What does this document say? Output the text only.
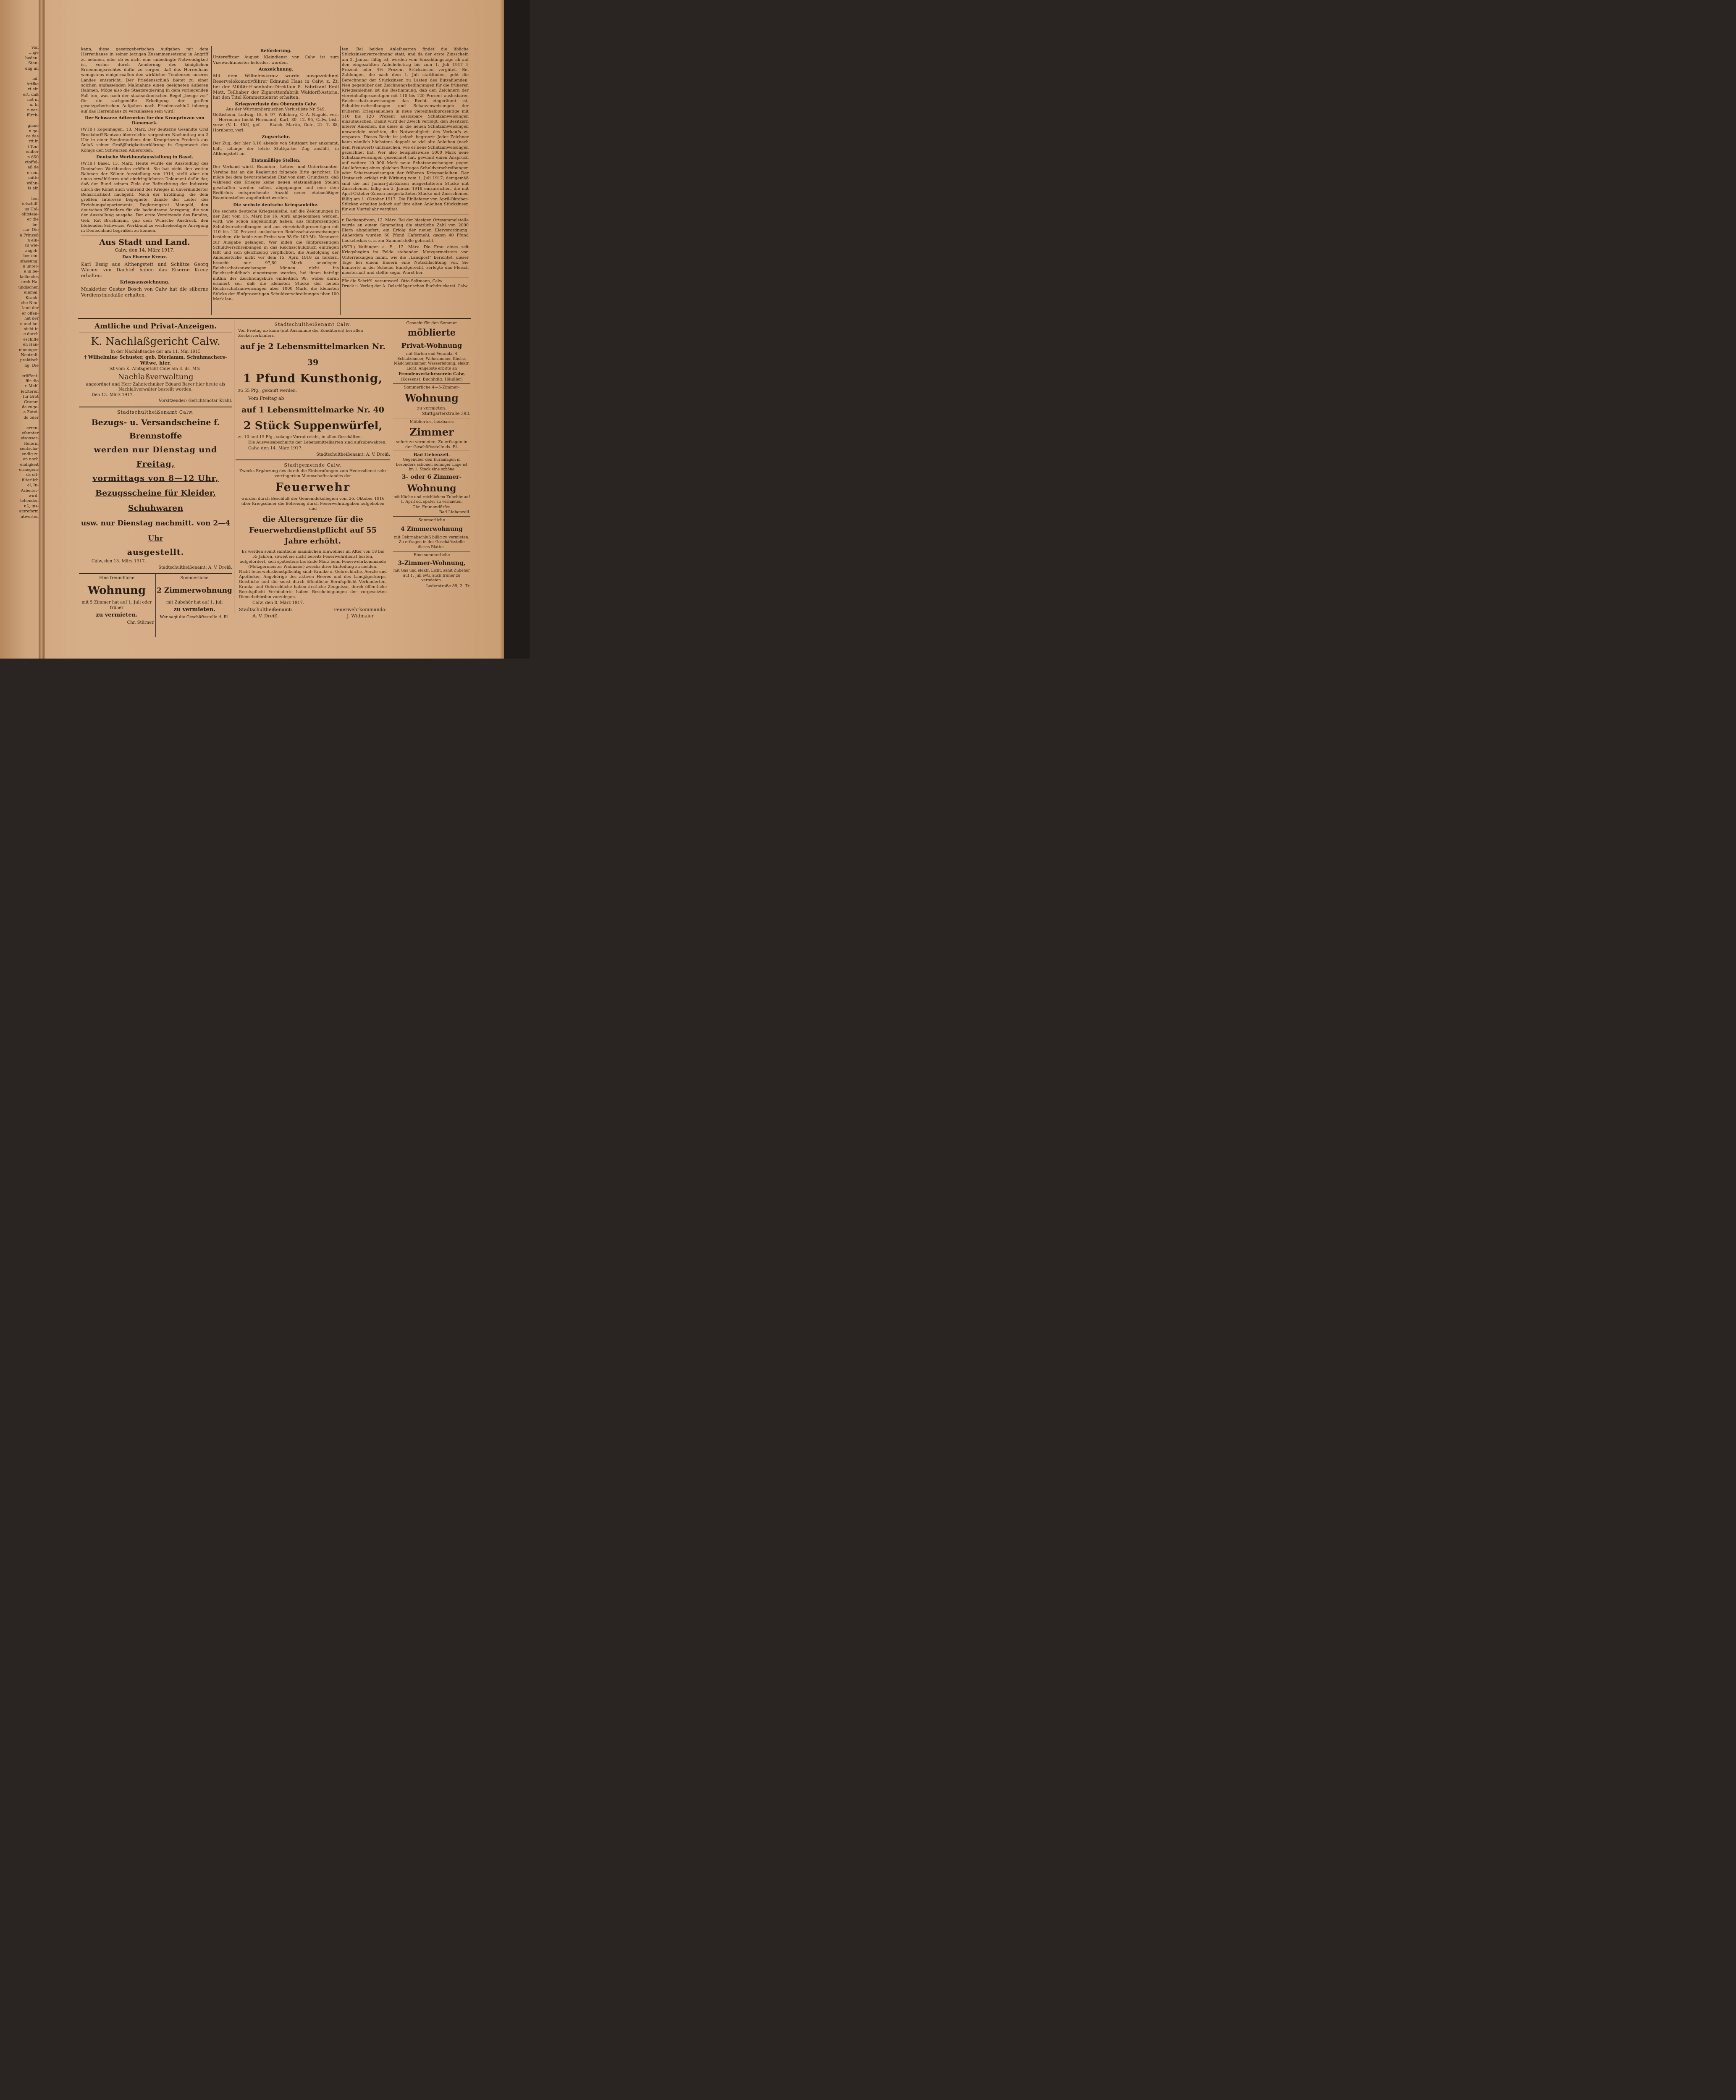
Von
...ige
bedeu.
Stan-
ung im

nd.
Artike
rt ein
ert, daß
not in
n. In
n vor-
fürch-

glanö
n ge-
ce das
rtt in
) Ton-
eniher
n 650
ctoffel-
aß de
e sein
mitte
wöhn-
ts ein

hen
ielschiff.
us Hol-
olifstele-
er die
be-
aar. Die
n Prinzeß
n ein-
zu wie-
angeb-
ber ein-
sfassung,
n unter-
e in be-
kellendes
urch Ha-
ündischen
einmal,
Krank-
che Neu-
land der
er offen-
hat der
n und be-
nicht in
e durch
eschiffe
en Han-
mmungen
Neutrali-
praktisch
ng. Die

eröffent-
für die
r. Mehl
letzteren
für Brot
Gramm
de zuge-
e Zutei-
de oder

erren-
efannter
eisonser-
Reform
sentschä-
endig zu
en noch
endigkeit
ermögens
ds oft-
ülterlich
el, In-
Arbeiter-
wird.
tehenden
uß, ins-
atsreform
ntworten

kann, diese gesetzgeberischen Aufgaben mit dem Herrenhause in seiner jetzigen Zusammensetzung in Angriff zu nehmen, oder ob es nicht eine unbedingte Notwendigkeit ist, vorher durch Aenderung des königlichen Ernennungsrechtes dafür zu sorgen, daß das Herrenhaus wenigstens einigermaßen den wirklichen Tendenzen unseres Landes entspricht. Der Friedensschluß bietet zu einer solchen umfassenden Maßnahme einen geeigneten äußeren Rahmen. Möge also die Staatsregierung in dem vorliegenden Fall tun, was nach der staatsmännischen Regel „beuge vor“ für die sachgemäße Erledigung der großen gesetzgeberischen Aufgaben nach Friedensschluß inbezug auf das Herrenhaus zu veranlassen sein wird!

Der Schwarze Adlerorden für den Kronprinzen von Dänemark.

(WTB.) Kopenhagen, 13. März. Der deutsche Gesandte Graf Brockdorff-Rantzau überreichte vorgestern Nachmittag um 2 Uhr in einer Sonderaudienz dem Kronprinzen Frederik aus Anlaß seiner Großjährigkeitserklärung in Gegenwart des Königs den Schwarzen Adlerorden.

Deutsche Werkbundausstellung in Basel.

(WTB.) Basel, 13. März. Heute wurde die Ausstellung des Deutschen Werkbundes eröffnet. Sie hat nicht den weiten Rahmen der Kölner Ausstellung von 1914, stellt aber ein umso erwähltleres und eindringlicheres Dokument dafür dar, daß der Bund seinem Ziele der Befruchtung der Industrie durch die Kunst auch während des Krieges in unverminderter Beharrlichkeit nachgeht. Nach der Eröffnung, die dem größten Interesse begegnete, dankte der Leiter des Erziehungsdepartements, Regierungsrat Mangold, den deutschen Künstlern für die bedeutsame Anregung, die von der Ausstellung ausgehe. Der erste Vorsitzende des Bundes, Geh. Rat Bruckmann, gab dem Wunsche Ausdruck, den blühenden Schweizer Werkbund zu wechselseitiger Anregung in Deutschland begrüßen zu können.

Aus Stadt und Land.
Calw, den 14. März 1917.
Das Eiserne Kreuz.

Karl Essig aus Althengstett und Schütze Georg Wärner von Dachtel haben das Eiserne Kreuz erhalten.

Kriegsauszeichnung.

Muskletier Gustav Bosch von Calw hat die silberne Verdienstmedaille erhalten.

Beförderung.

Unteroffizier August Kleindienst von Calw ist zum Vizewachtmeister befördert worden.

Auszeichnung.

Mit dem Wilhelmskreuz wurde ausgezeichnet Reservelokomotivführer Edmund Haas in Calw, z. Zt. bei der Militär-Eisenbahn-Direktion 8. Fabrikant Emil Mott, Teilhaber der Zigarettenfabrik Waldorff-Astoria, hat den Titel Kommerzienrat erhalten.

Kriegsverluste des Oberamts Calw.
Aus der Württembergischen Verlustliste Nr. 549.

Göttisheim, Ludwig, 18. 6. 97, Wildberg, O.-A. Nagold, verl. — Herrmann (nicht Hermann), Karl, 30. 12. 95, Calw, bish. verw. (V. L. 453), gef. — Blaich, Martin, Gefr., 21. 7. 88, Hornberg, verl.

Zugverkehr.

Der Zug, der hier 6.16 abends von Stuttgart her ankommt, hält, solange der letzte Stuttgarter Zug ausfällt, in Althengstett an.

Etatsmäßige Stellen.

Der Verband württ. Beamten-, Lehrer- und Unterbeamten-Vereine hat an die Regierung folgende Bitte gerichtet: Es möge bei dem bevorstehenden Etat von dem Grundsatz, daß während des Krieges keine neuen etatsmäßigen Stellen geschaffen werden sollen, abgegangen und eine dem Bedürfnis entsprechende Anzahl neuer etatsmäßiger Beamtenstellen angefordert werden.

Die sechste deutsche Kriegsanleihe.

Die sechste deutsche Kriegsanleihe, auf die Zeichnungen in der Zeit vom 15. März bis 16. April angenommen werden, wird, wie schon angekündigt haben, aus fünfprozentigen Schuldverschreibungen und aus viereinhalbprozentigen mit 110 bis 120 Prozent auslosbaren Reichsschatzanweisungen bestehen, die beide zum Preise von 98 für 100 Mk. Nennwert zur Ausgabe gelangen. Wer indeß die fünfprozentigen Schuldverschreibungen in das Reichsschuldbuch eintragen läßt und sich gleichzeitig verpflichtet, die Ausfolgung der Anleihestücke nicht vor dem 15. April 1918 zu fordern, braucht nur 97,80 Mark anzulegen. Reichsschatzanweisungen können nicht ins Reichsschuldbuch eingetragen werden, bei ihnen beträgt mithin der Zeichnungskurs einheitlich 98, wobei daran erinnert sei, daß die kleinsten Stücke der neuen Reichsschatzanweisungen über 1000 Mark, die kleinsten Stücke der fünfprozentigen Schuldverschreibungen über 100 Mark lau-

ten. Bei beiden Anleihearten findet die übliche Stückzinsenverrechnung statt, und da der erste Zinsschein am 2. Januar fällig ist, werden vom Einzahlungstage ab auf den eingezahlten Anleihebetrag bis zum 1. Juli 1917 5 Prozent oder 4½ Prozent Stückzinsen vergütet. Bei Zahlungen, die nach dem 1. Juli stattfinden, geht die Berechnung der Stückzinsen zu Lasten des Einzahlenden. Neu gegenüber den Zeichnungsbedingungen für die früheren Kriegsanleihen ist die Bestimmung, daß den Zeichnern der viereinhalbprozentigen mit 110 bis 120 Prozent auslosbaren Reichsschatzanweisungen das Recht eingeräumt ist, Schuldverschreibungen und Schatzanweisungen der früheren Kriegsanleihen in neue viereinhalbprozentige mit 110 bis 120 Prozent auslosbare Schatzanweisungen umzutauschen. Damit wird der Zweck verfolgt, den Besitzern älterer Anleihen, die diese in die neuen Schatzanweisungen umwandeln möchten, die Notwendigkeit des Verkaufs zu ersparen. Dieses Recht ist jedoch begrenzt: Jeder Zeichner kann nämlich höchstens doppelt so viel alte Anleihen (nach dem Nennwert) umtauschen, wie er neue Schatzanweisungen gezeichnet hat. Wer also beispielsweise 5000 Mark neue Schatzanweisungen gezeichnet hat, gewinnt einen Anspruch auf weitere 10 000 Mark neue Schatzanweisungen gegen Auslieferung eines gleichen Betrages Schuldverschreibungen oder Schatzanweisungen der früheren Kriegsanleihen. Der Umtausch erfolgt mit Wirkung vom 1. Juli 1917; demgemäß sind die mit Januar-Juli-Zinsen ausgestatteten Stücke mit Zinsscheinen fällig am 2. Januar 1918 einzureichen, die mit April-Oktober-Zinsen ausgestatteten Stücke mit Zinsscheinen fällig am 1. Oktober 1917. Die Einlieferer von April-Oktober-Stücken erhalten jedoch auf ihre alten Anleihen Stückzinsen für ein Vierteljahr vergütet.

r. Deckenpfronn, 12. März. Bei der hiesigen Ortssammelstelle wurde an einem Sammeltag die stattliche Zahl von 2000 Eiern abgeliefert, ein Erfolg der neuen Eierverordnung. Außerdem wurden 60 Pfund Hafermehl, gegen 40 Pfund Luckeleskäs u. a. zur Sammelstelle gebracht.

(SCB.) Vaihingen a. E., 12. März. Die Frau eines seit Kriegsbeginn im Felde stehenden Metzgermeisters von Unterriexingen nahm, wie die „Landpost“ berichtet, dieser Tage bei einem Bauern eine Notschlachtung vor. Sie hantierte in der Scheuer kunstgerecht, zerlegte das Fleisch meisterhaft und stellte sogar Wurst her.

Für die Schriftl. verantwortl. Otto Seltmann, Calw
Druck u. Verlag der A. Oelschläger'schen Buchdruckerei. Calw
Amtliche und Privat-Anzeigen.
K. Nachlaßgericht Calw.
In der Nachlaßsache der am 11. Mai 1915
† Wilhelmine Schuster, geb. Dierlamm, Schuhmachers-Witwe, hier,
ist vom K. Amtsgericht Calw am 8. ds. Mts.
Nachlaßverwaltung
angeordnet und Herr Zahntechniker Eduard Bayer hier heute als Nachlaßverwalter bestellt worden.
Den 13. März 1917.
Vorsitzender: Gerichtsnotar Krahl.
Stadtschultheißenamt Calw.
Bezugs- u. Versandscheine f. Brennstoffe
werden nur Dienstag und Freitag,
vormittags von 8—12 Uhr,
Bezugsscheine für Kleider, Schuhwaren
usw. nur Dienstag nachmitt. von 2—4 Uhr
ausgestellt.
Calw, den 13. März 1917.
Stadtschultheißenamt: A. V. Dreiß.
Eine freundliche
Wohnung
mit 5 Zimmer hat auf 1. Juli oder früher
zu vermieten.
Chr. Stürner.
Sommerliche
2 Zimmerwohnung
mit Zubehör hat auf 1. Juli
zu vermieten.
Wer sagt die Geschäftsstelle d. Bl.
Stadtschultheißenamt Calw.
Von Freitag ab kann (mit Ausnahme der Konditoren) bei allen Zuckerverkäufern
auf je 2 Lebensmittelmarken Nr. 39
1 Pfund Kunsthonig,
zu 55 Pfg., gekauft werden.
Vom Freitag ab
auf 1 Lebensmittelmarke Nr. 40
2 Stück Suppenwürfel,
zu 10 und 15 Pfg., solange Vorrat reicht, in allen Geschäften.
Die Ausweisabschnitte der Lebensmittelkarten sind aufzubewahren.
Calw, den 14. März 1917.
Stadtschultheißenamt: A. V. Dreiß.
Stadtgemeinde Calw.
Zwecks Ergänzung des durch die Einberufungen zum Heeresdienst sehr verringerten Mannschaftsstandes der
Feuerwehr
wurden durch Beschluß der Gemeindekollegien vom 26. Oktober 1916 über Kriegsdauer die Befreiung durch Feuerwehrabgaben aufgehoben und
die Altersgrenze für die Feuerwehrdienstpflicht auf 55 Jahre erhöht.
Es werden somit sämtliche männlichen Einwohner im Alter von 18 bis 55 Jahren, soweit sie nicht bereits Feuerwehrdienst leisten, aufgefordert, sich spätestens bis Ende März beim Feuerwehrkommando (Metzgermeister Widmaier) zwecks ihrer Einteilung zu melden.
Nicht feuerwehrdienstpflichtig sind: Kranke u. Gebrechliche, Aerzte und Apotheker, Angehörige des aktiven Heeres und des Landjägerkorps, Geistliche und die sonst durch öffentliche Berufspflicht Verhinderten, Kranke und Gebrechliche haben ärztliche Zeugnisse, durch öffentliche Berufspflicht Verhinderte haben Bescheinigungen der vorgesetzten Dienstbehörden vorzulegen.
Calw, den 8. März 1917.
Stadtschultheißenamt:
A. V. Dreiß.
Feuerwehrkommando:
J. Widmaier
Gesucht für den Sommer
möblierte
Privat-Wohnung
mit Garten und Veranda, 4 Schlafzimmer, Wohnzimmer, Küche, Mädchenzimmer, Wasserleitung, elektr. Licht. Angebote erbitte an
Fremdenverkehrsverein Calw,
(Kossenst. Buchhdlg. Häußler)
Sommerliche 4—5-Zimmer-
Wohnung
zu vermieten.
Stuttgarterstraße 393.
Möbliertes, heizbares
Zimmer
sofort zu vermieten. Zu erfragen in der Geschäftsstelle ds. Bl.
Bad Liebenzell.
Gegenüber den Kuranlagen in besonders schöner, sonniger Lage ist im 1. Stock eine schöne
3- oder 6 Zimmer-
Wohnung
mit Küche und reichlichem Zubehör auf 1. April od. später zu vermieten.
Chr. Emmendörfer,
Bad Liebenzell.
Sommerliche
4 Zimmerwohnung
mit Oehrnabschluß billig zu vermieten. Zu erfragen in der Geschäftsstelle dieses Blattes.
Eine sommerliche
3-Zimmer-Wohnung,
mit Gas und elektr. Licht, samt Zubehör auf 1. Juli evtl. auch früher zu vermieten.
Lederstraße 89, 2. Tr.
